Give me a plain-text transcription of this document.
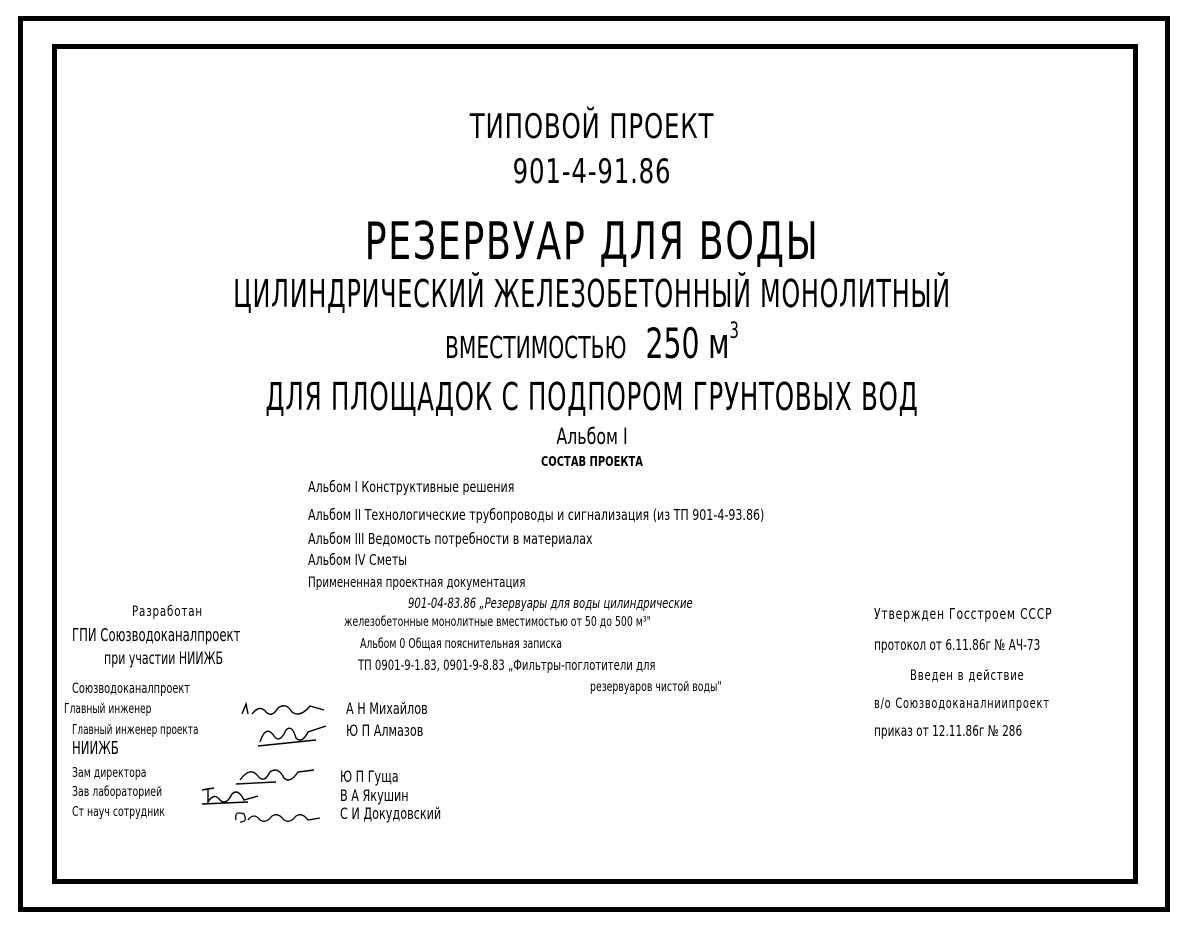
ТИПОВОЙ ПРОЕКТ
901-4-91.86
РЕЗЕРВУАР ДЛЯ ВОДЫ
ЦИЛИНДРИЧЕСКИЙ ЖЕЛЕЗОБЕТОННЫЙ МОНОЛИТНЫЙ
ВМЕСТИМОСТЬЮ 250 $м^3$
ДЛЯ ПЛОЩАДОК С ПОДПОРОМ ГРУНТОВЫХ ВОД
Альбом I
СОСТАВ ПРОЕКТА
Альбом I Конструктивные решения
Альбом II Технологические трубопроводы и сигнализация (из ТП 901-4-93.86)
Альбом III Ведомость потребности в материалах
Альбом IV Сметы
Примененная проектная документация
901-04-83.86 „Резервуары для воды цилиндрические
железобетонные монолитные вместимостью от 50 до 500 м³"
Альбом 0 Общая пояснительная записка
ТП 0901-9-1.83, 0901-9-8.83 „Фильтры-поглотители для
резервуаров чистой воды"
Разработан
ГПИ Союзводоканалпроект
при участии НИИЖБ
Союзводоканалпроект
Главный инженер	А Н Михайлов
Главный инженер проекта	Ю П Алмазов
НИИЖБ
Зам директора	Ю П Гуща
Зав лабораторией	В А Якушин
Ст науч сотрудник	С И Докудовский
Утвержден Госстроем СССР
протокол от 6.11.86г № АЧ-73
Введен в действие
в/о Союзводоканалниипроект
приказ от 12.11.86г № 286
